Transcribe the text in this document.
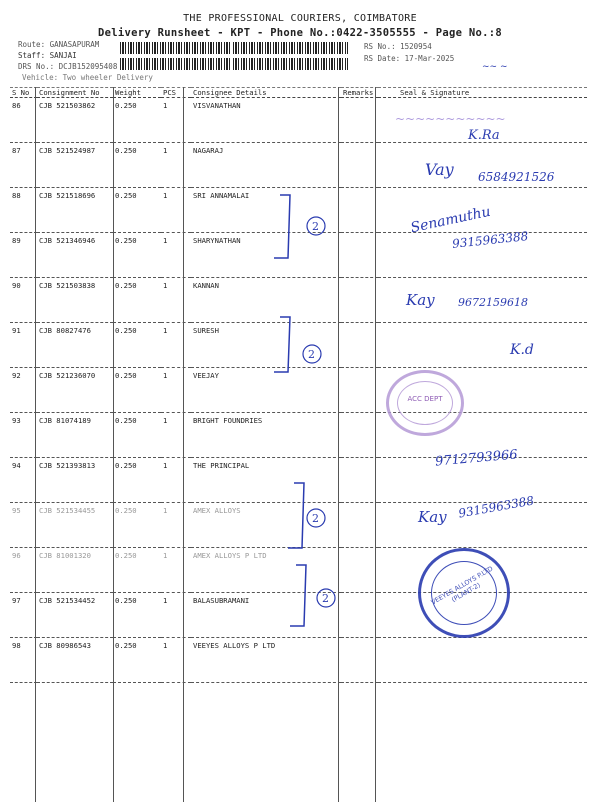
THE PROFESSIONAL COURIERS, COIMBATORE
Delivery Runsheet - KPT - Phone No.:0422-3505555 - Page No.:8
Route: GANASAPURAM
Staff: SANJAI
DRS No.: DCJB152095408
Vehicle: Two wheeler Delivery
RS No.: 1520954
RS Date: 17-Mar-2025
S No	Consignment No	Weight	PCS	Consignee Details	Remarks	Seal & Signature
86	CJB 521503862	0.250	1	VISVANATHAN		
87	CJB 521524987	0.250	1	NAGARAJ		
88	CJB 521518696	0.250	1	SRI ANNAMALAI		
89	CJB 521346946	0.250	1	SHARYNATHAN		
90	CJB 521503838	0.250	1	KANNAN		
91	CJB 80827476	0.250	1	SURESH		
92	CJB 521236070	0.250	1	VEEJAY		
93	CJB 81074189	0.250	1	BRIGHT FOUNDRIES		
94	CJB 521393813	0.250	1	THE PRINCIPAL		
95	CJB 521534455	0.250	1	AMEX ALLOYS		
96	CJB 81001320	0.250	1	AMEX ALLOYS P LTD		
97	CJB 521534452	0.250	1	BALASUBRAMANI		
98	CJB 80986543	0.250	1	VEEYES ALLOYS P LTD		
~~~~~~~~~~~
K.Ra
Vay 6584921526
Senamuthu
9315963388
Kay 9672159618
K.d
9712793966
Kay 9315963388
~~ ~
2
2
2
2
ACC DEPT
VEEYES ALLOYS P.LTD (PLANT-2)
